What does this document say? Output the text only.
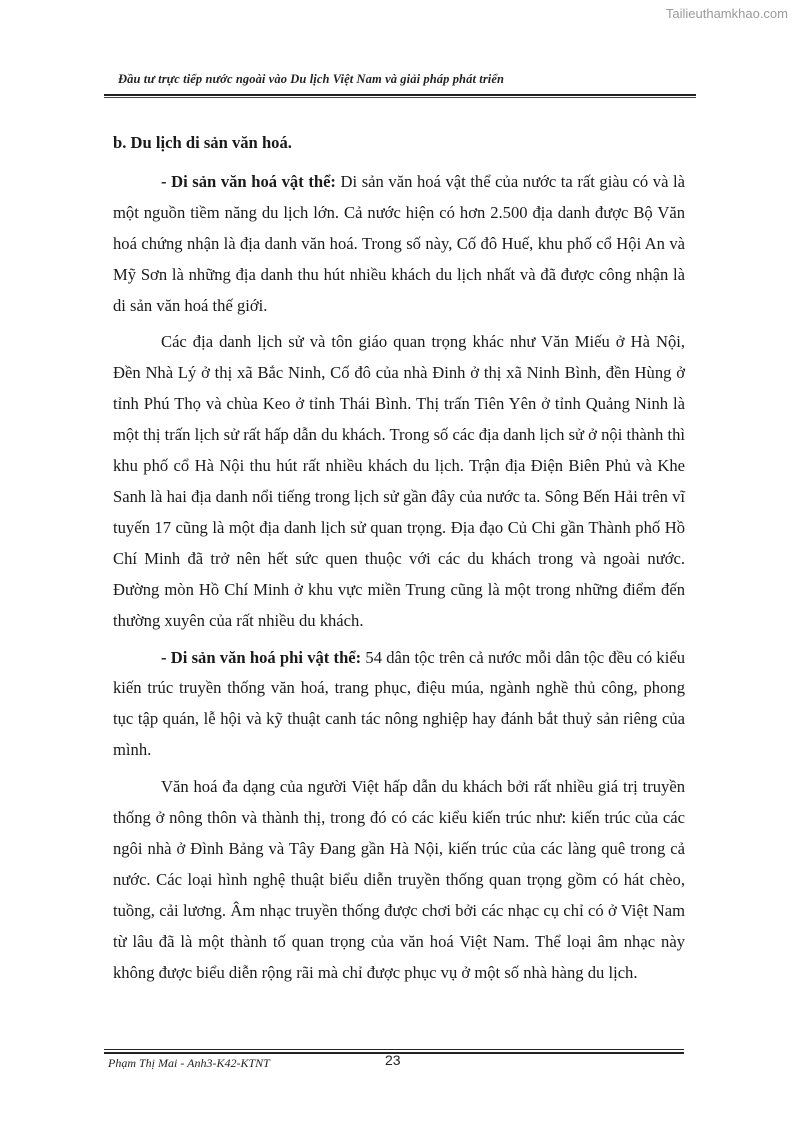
Tailieuthamkhao.com
Đầu tư trực tiếp nước ngoài vào Du lịch Việt Nam và giải pháp phát triển

b. Du lịch di sản văn hoá.

- Di sản văn hoá vật thể: Di sản văn hoá vật thể của nước ta rất giàu có và là một nguồn tiềm năng du lịch lớn. Cả nước hiện có hơn 2.500 địa danh được Bộ Văn hoá chứng nhận là địa danh văn hoá. Trong số này, Cố đô Huế, khu phố cổ Hội An và Mỹ Sơn là những địa danh thu hút nhiều khách du lịch nhất và đã được công nhận là di sản văn hoá thế giới.

Các địa danh lịch sử và tôn giáo quan trọng khác như Văn Miếu ở Hà Nội, Đền Nhà Lý ở thị xã Bắc Ninh, Cố đô của nhà Đinh ở thị xã Ninh Bình, đền Hùng ở tỉnh Phú Thọ và chùa Keo ở tỉnh Thái Bình. Thị trấn Tiên Yên ở tỉnh Quảng Ninh là một thị trấn lịch sử rất hấp dẫn du khách. Trong số các địa danh lịch sử ở nội thành thì khu phố cổ Hà Nội thu hút rất nhiều khách du lịch. Trận địa Điện Biên Phủ và Khe Sanh là hai địa danh nổi tiếng trong lịch sử gần đây của nước ta. Sông Bến Hải trên vĩ tuyến 17 cũng là một địa danh lịch sử quan trọng. Địa đạo Củ Chi gần Thành phố Hồ Chí Minh đã trở nên hết sức quen thuộc với các du khách trong và ngoài nước. Đường mòn Hồ Chí Minh ở khu vực miền Trung cũng là một trong những điểm đến thường xuyên của rất nhiều du khách.

- Di sản văn hoá phi vật thể: 54 dân tộc trên cả nước mỗi dân tộc đều có kiểu kiến trúc truyền thống văn hoá, trang phục, điệu múa, ngành nghề thủ công, phong tục tập quán, lễ hội và kỹ thuật canh tác nông nghiệp hay đánh bắt thuỷ sản riêng của mình.

Văn hoá đa dạng của người Việt hấp dẫn du khách bởi rất nhiều giá trị truyền thống ở nông thôn và thành thị, trong đó có các kiểu kiến trúc như: kiến trúc của các ngôi nhà ở Đình Bảng và Tây Đang gần Hà Nội, kiến trúc của các làng quê trong cả nước. Các loại hình nghệ thuật biểu diễn truyền thống quan trọng gồm có hát chèo, tuồng, cải lương. Âm nhạc truyền thống được chơi bởi các nhạc cụ chỉ có ở Việt Nam từ lâu đã là một thành tố quan trọng của văn hoá Việt Nam. Thể loại âm nhạc này không được biểu diễn rộng rãi mà chỉ được phục vụ ở một số nhà hàng du lịch.

Phạm Thị Mai - Anh3-K42-KTNT	23
